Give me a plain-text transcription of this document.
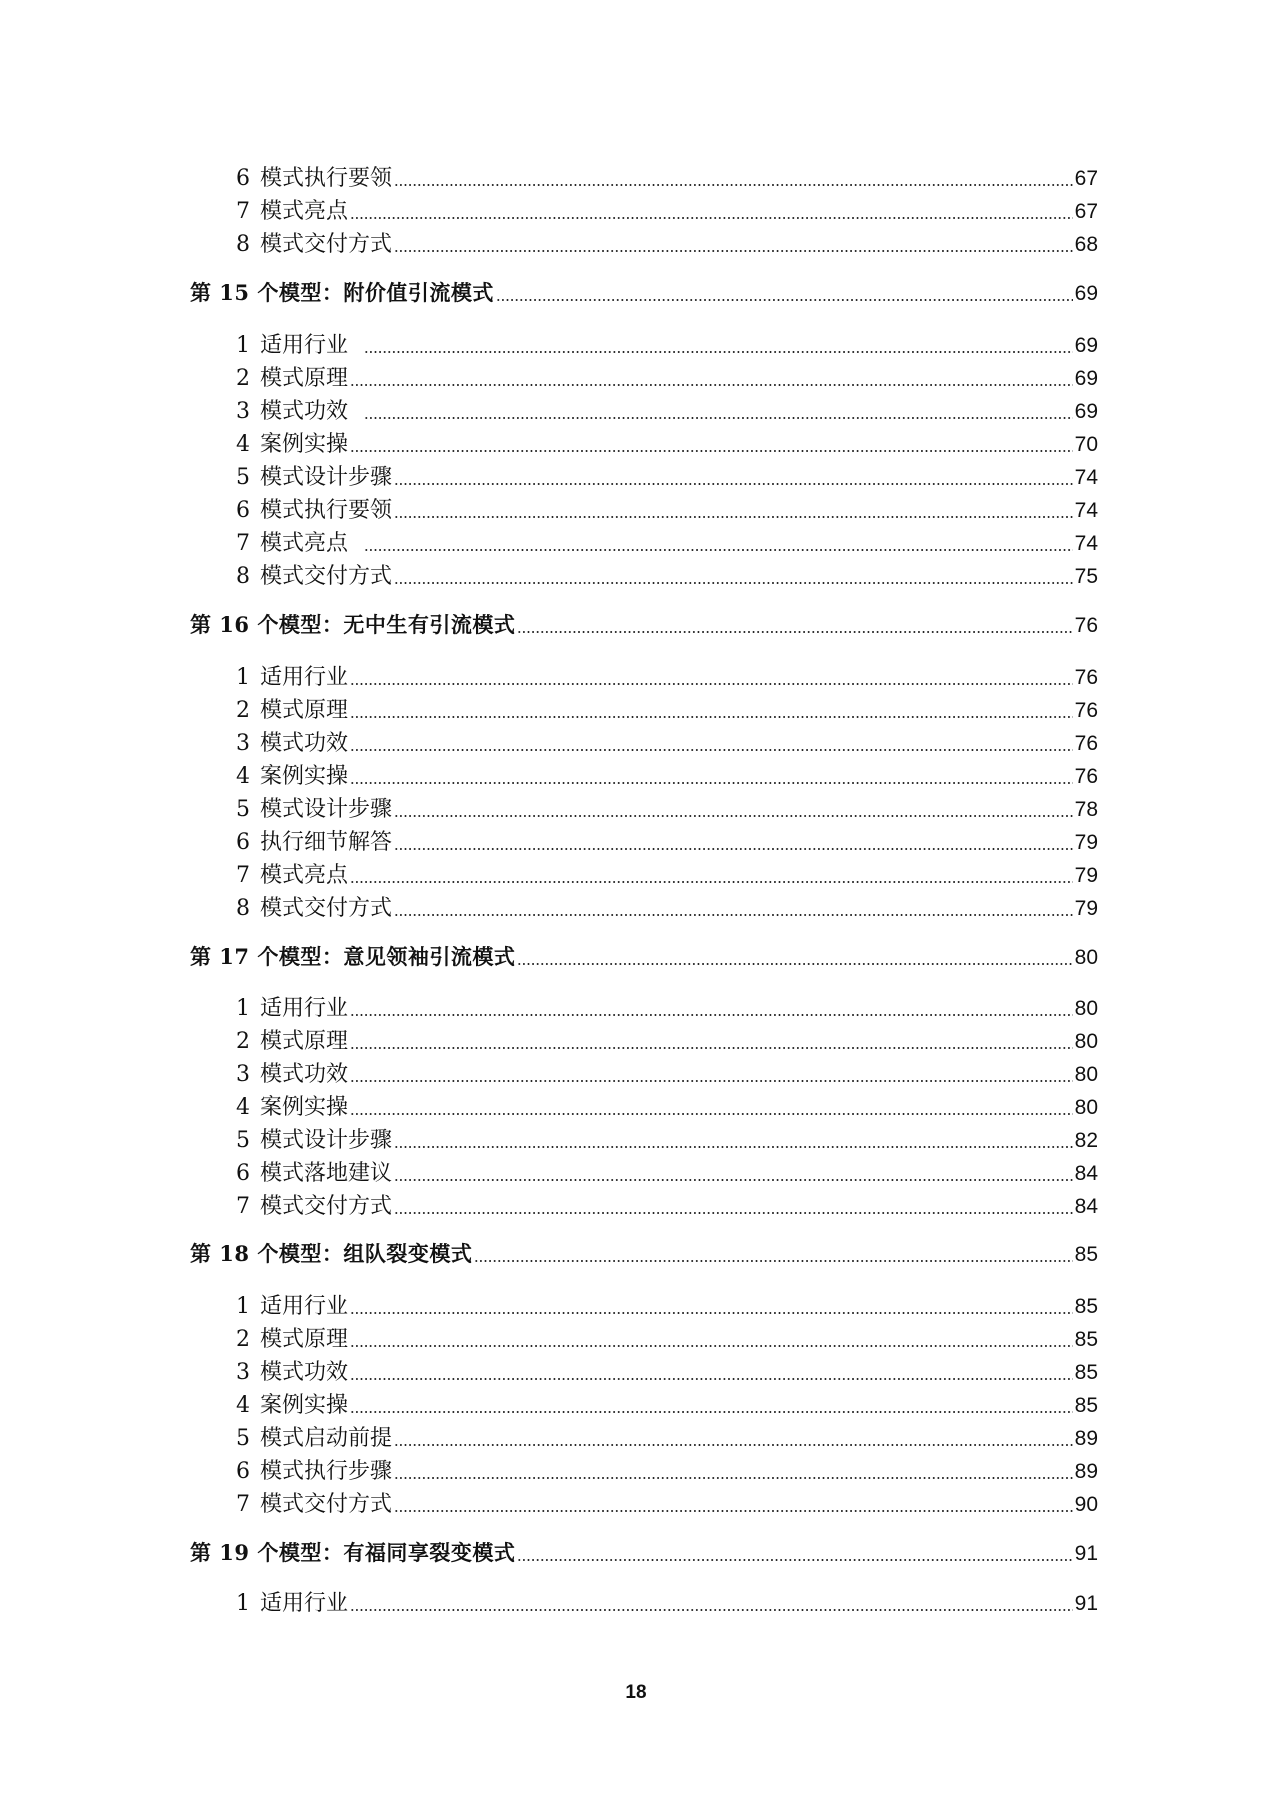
6 模式执行要领	67
7 模式亮点	67
8 模式交付方式	68
第 15 个模型：附价值引流模式	69
1 适用行业	69
2 模式原理	69
3 模式功效	69
4 案例实操	70
5 模式设计步骤	74
6 模式执行要领	74
7 模式亮点	74
8 模式交付方式	75
第 16 个模型：无中生有引流模式	76
1 适用行业	76
2 模式原理	76
3 模式功效	76
4 案例实操	76
5 模式设计步骤	78
6 执行细节解答	79
7 模式亮点	79
8 模式交付方式	79
第 17 个模型：意见领袖引流模式	80
1 适用行业	80
2 模式原理	80
3 模式功效	80
4 案例实操	80
5 模式设计步骤	82
6 模式落地建议	84
7 模式交付方式	84
第 18 个模型：组队裂变模式	85
1 适用行业	85
2 模式原理	85
3 模式功效	85
4 案例实操	85
5 模式启动前提	89
6 模式执行步骤	89
7 模式交付方式	90
第 19 个模型：有福同享裂变模式	91
1 适用行业	91
18
